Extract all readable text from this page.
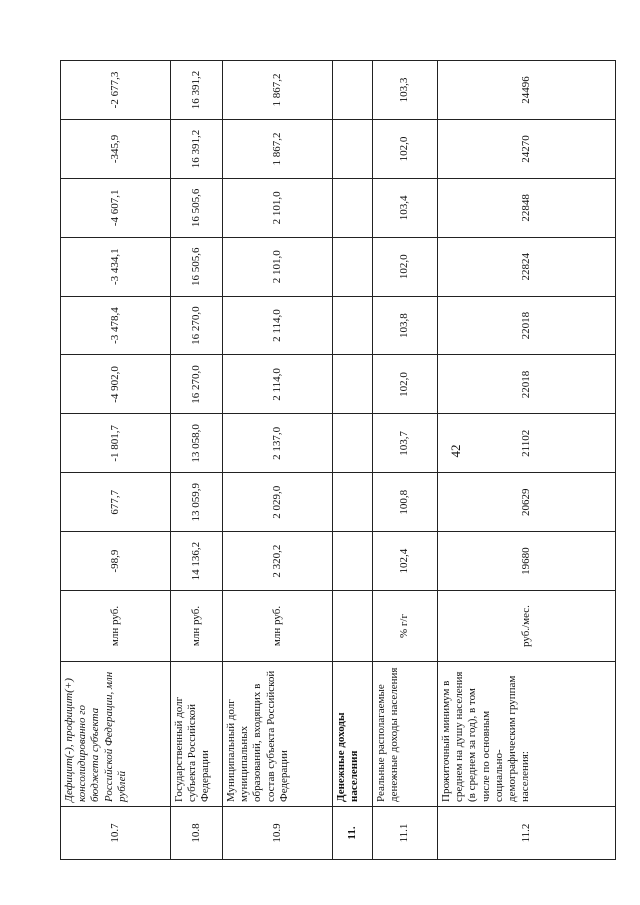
42
10.7	Дефицит(-), профицит(+) консолидированно го бюджета субъекта Российской Федерации, млн рублей	млн руб.	-98,9	677,7	-1 801,7	-4 902,0	-3 478,4	-3 434,1	-4 607,1	-345,9	-2 677,3
10.8	Государственный долг субъекта Российской Федерации	млн руб.	14 136,2	13 059,9	13 058,0	16 270,0	16 270,0	16 505,6	16 505,6	16 391,2	16 391,2
10.9	Муниципальный долг муниципальных образований, входящих в состав субъекта Российской Федерации	млн руб.	2 320,2	2 029,0	2 137,0	2 114,0	2 114,0	2 101,0	2 101,0	1 867,2	1 867,2
11.	Денежные доходы населения										
11.1	Реальные располагаемые денежные доходы населения	% г/г	102,4	100,8	103,7	102,0	103,8	102,0	103,4	102,0	103,3
11.2	Прожиточный минимум в среднем на душу населения (в среднем за год), в том числе по основным социально-демографическим группам населения:	руб./мес.	19680	20629	21102	22018	22018	22824	22848	24270	24496
